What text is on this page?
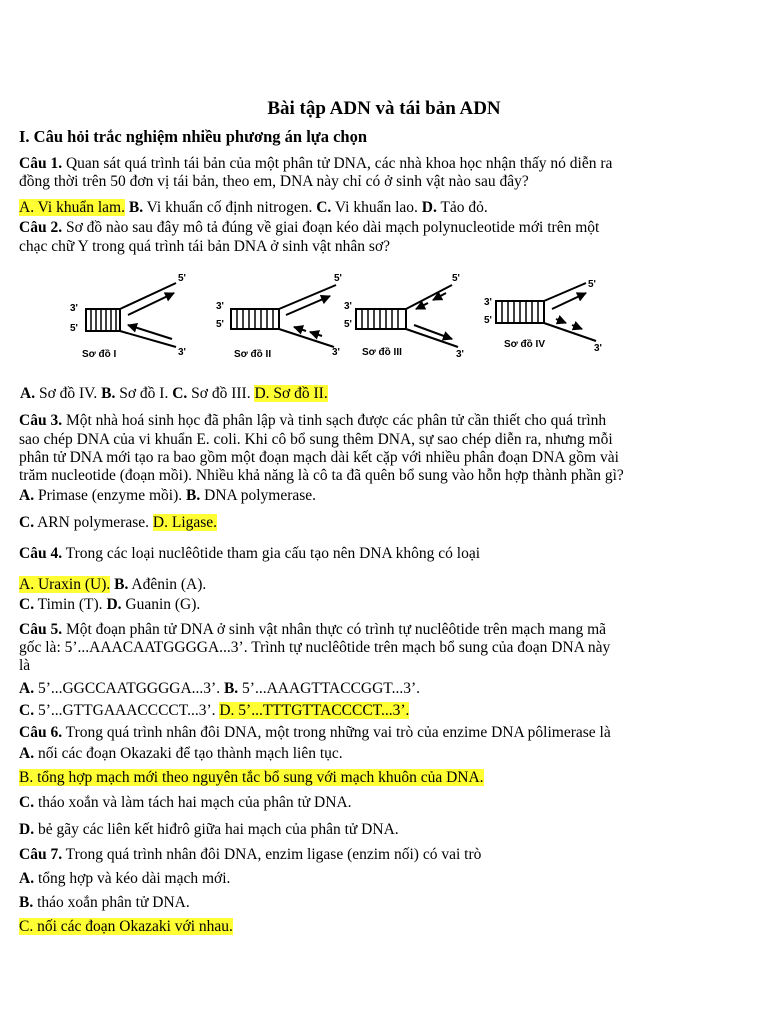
Bài tập ADN và tái bản ADN
I. Câu hỏi trắc nghiệm nhiều phương án lựa chọn
Câu 1. Quan sát quá trình tái bản của một phân tử DNA, các nhà khoa học nhận thấy nó diễn ra
đồng thời trên 50 đơn vị tái bản, theo em, DNA này chỉ có ở sinh vật nào sau đây?
A. Vi khuẩn lam. B. Vi khuẩn cố định nitrogen. C. Vi khuẩn lao. D. Tảo đỏ.
Câu 2. Sơ đồ nào sau đây mô tả đúng về giai đoạn kéo dài mạch polynucleotide mới trên một
chạc chữ Y trong quá trình tái bản DNA ở sinh vật nhân sơ?
3'
5'
5'
3'
Sơ đồ I
3'
5'
5'
3'
Sơ đồ II
3'
5'
5'
3'
Sơ đồ III
3'
5'
5'
3'
Sơ đồ IV
A. Sơ đồ IV. B. Sơ đồ I. C. Sơ đồ III. D. Sơ đồ II.
Câu 3. Một nhà hoá sinh học đã phân lập và tinh sạch được các phân tử cần thiết cho quá trình
sao chép DNA của vi khuẩn E. coli. Khi cô bổ sung thêm DNA, sự sao chép diễn ra, nhưng mỗi
phân tử DNA mới tạo ra bao gồm một đoạn mạch dài kết cặp với nhiều phân đoạn DNA gồm vài
trăm nucleotide (đoạn mồi). Nhiều khả năng là cô ta đã quên bổ sung vào hỗn hợp thành phần gì?
A. Primase (enzyme mồi). B. DNA polymerase.
C. ARN polymerase. D. Ligase.
Câu 4. Trong các loại nuclêôtide tham gia cấu tạo nên DNA không có loại
A. Uraxin (U). B. Ađênin (A).
C. Timin (T). D. Guanin (G).
Câu 5. Một đoạn phân tử DNA ở sinh vật nhân thực có trình tự nuclêôtide trên mạch mang mã
gốc là: 5’...AAACAATGGGGA...3’. Trình tự nuclêôtide trên mạch bổ sung của đoạn DNA này
là
A. 5’...GGCCAATGGGGA...3’. B. 5’...AAAGTTACCGGT...3’.
C. 5’...GTTGAAACCCCT...3’. D. 5’...TTTGTTACCCCT...3’.
Câu 6. Trong quá trình nhân đôi DNA, một trong những vai trò của enzime DNA pôlimerase là
A. nối các đoạn Okazaki để tạo thành mạch liên tục.
B. tổng hợp mạch mới theo nguyên tắc bổ sung với mạch khuôn của DNA.
C. tháo xoắn và làm tách hai mạch của phân tử DNA.
D. bẻ gãy các liên kết hiđrô giữa hai mạch của phân tử DNA.
Câu 7. Trong quá trình nhân đôi DNA, enzim ligase (enzim nối) có vai trò
A. tổng hợp và kéo dài mạch mới.
B. tháo xoắn phân tử DNA.
C. nối các đoạn Okazaki với nhau.
